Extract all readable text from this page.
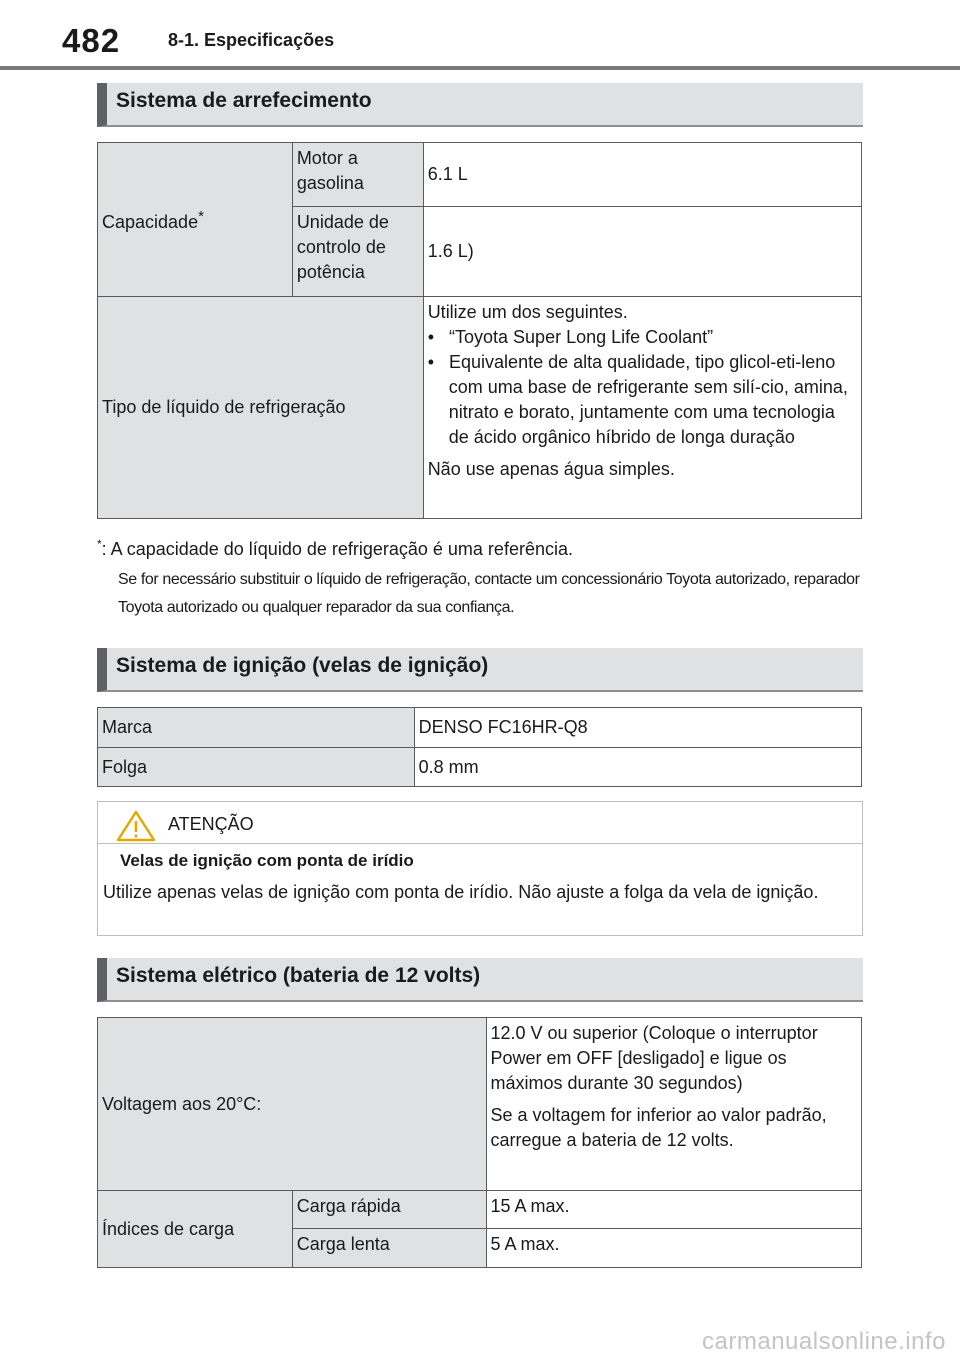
482	8-1. Especificações
Sistema de arrefecimento
Capacidade*	Motor a gasolina	6.1 L
	Unidade de controlo de potência	1.6 L)
Tipo de líquido de refrigeração		Utilize um dos seguintes.
• “Toyota Super Long Life Coolant”
• Equivalente de alta qualidade, tipo glicol-eti-leno com uma base de refrigerante sem silí-cio, amina, nitrato e borato, juntamente com uma tecnologia de ácido orgânico híbrido de longa duração
Não use apenas água simples.
*: A capacidade do líquido de refrigeração é uma referência.
Se for necessário substituir o líquido de refrigeração, contacte um concessionário Toyota autorizado, reparador Toyota autorizado ou qualquer reparador da sua confiança.
Sistema de ignição (velas de ignição)
Marca	DENSO FC16HR-Q8
Folga	0.8 mm
ATENÇÃO
Velas de ignição com ponta de irídio
Utilize apenas velas de ignição com ponta de irídio. Não ajuste a folga da vela de ignição.
Sistema elétrico (bateria de 12 volts)
Voltagem aos 20°C:		12.0 V ou superior (Coloque o interruptor Power em OFF [desligado] e ligue os máximos durante 30 segundos)
Se a voltagem for inferior ao valor padrão, carregue a bateria de 12 volts.

Índices de carga	Carga rápida	15 A max.
	Carga lenta	5 A max.
carmanualsonline.info
